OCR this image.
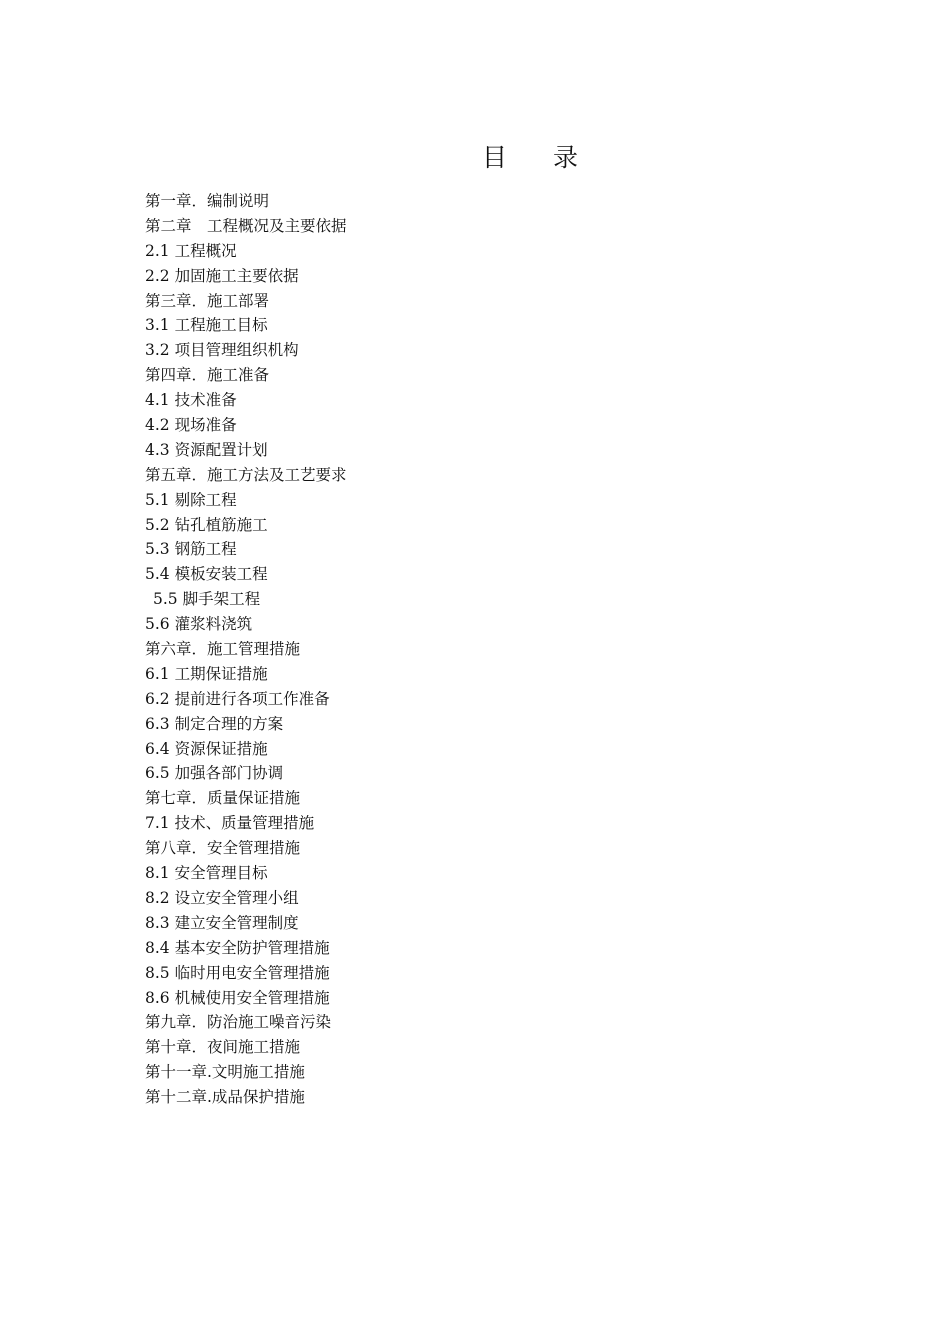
目 录
第一章．编制说明
第二章　工程概况及主要依据
2.1 工程概况
2.2 加固施工主要依据
第三章．施工部署
3.1 工程施工目标
3.2 项目管理组织机构
第四章．施工准备
4.1 技术准备
4.2 现场准备
4.3 资源配置计划
第五章．施工方法及工艺要求
5.1 剔除工程
5.2 钻孔植筋施工
5.3 钢筋工程
5.4 模板安装工程
5.5 脚手架工程
5.6 灌浆料浇筑
第六章．施工管理措施
6.1 工期保证措施
6.2 提前进行各项工作准备
6.3 制定合理的方案
6.4 资源保证措施
6.5 加强各部门协调
第七章．质量保证措施
7.1 技术、质量管理措施
第八章．安全管理措施
8.1 安全管理目标
8.2 设立安全管理小组
8.3 建立安全管理制度
8.4 基本安全防护管理措施
8.5 临时用电安全管理措施
8.6 机械使用安全管理措施
第九章．防治施工噪音污染
第十章．夜间施工措施
第十一章.文明施工措施
第十二章.成品保护措施
